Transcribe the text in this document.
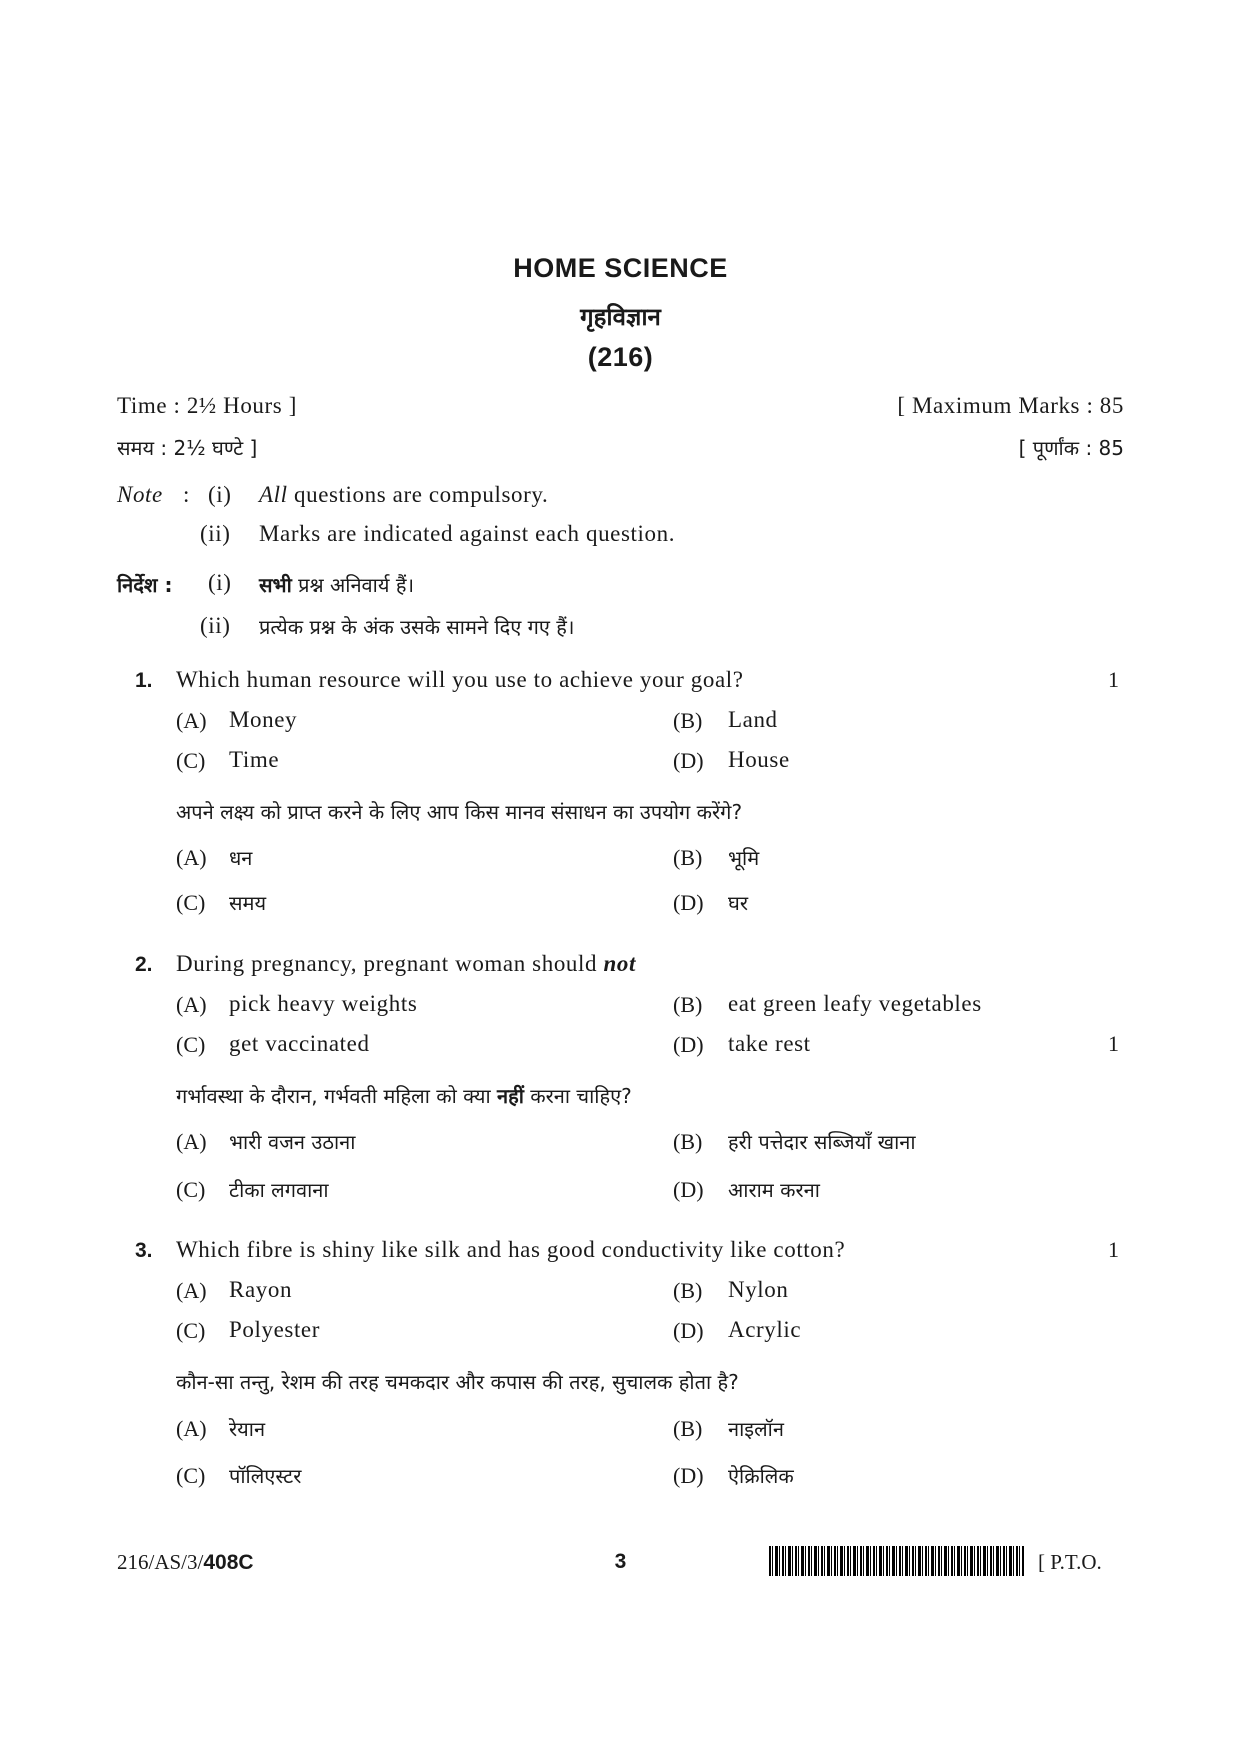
HOME SCIENCE
गृहविज्ञान
(216)
Time : 2½ Hours ]	[ Maximum Marks : 85
समय : 2½ घण्टे ]	[ पूर्णांक : 85
Note : (i) All questions are compulsory.
(ii) Marks are indicated against each question.
निर्देश : (i) सभी प्रश्न अनिवार्य हैं।
(ii) प्रत्येक प्रश्न के अंक उसके सामने दिए गए हैं।
1. Which human resource will you use to achieve your goal?	1
(A) Money	(B) Land
(C) Time	(D) House
अपने लक्ष्य को प्राप्त करने के लिए आप किस मानव संसाधन का उपयोग करेंगे?
(A) धन	(B) भूमि
(C) समय	(D) घर
2. During pregnancy, pregnant woman should not
(A) pick heavy weights	(B) eat green leafy vegetables
(C) get vaccinated	(D) take rest	1
गर्भावस्था के दौरान, गर्भवती महिला को क्या नहीं करना चाहिए?
(A) भारी वजन उठाना	(B) हरी पत्तेदार सब्जियाँ खाना
(C) टीका लगवाना	(D) आराम करना
3. Which fibre is shiny like silk and has good conductivity like cotton?	1
(A) Rayon	(B) Nylon
(C) Polyester	(D) Acrylic
कौन-सा तन्तु, रेशम की तरह चमकदार और कपास की तरह, सुचालक होता है?
(A) रेयान	(B) नाइलॉन
(C) पॉलिएस्टर	(D) ऐक्रिलिक
216/AS/3/408C	3	[ P.T.O.
